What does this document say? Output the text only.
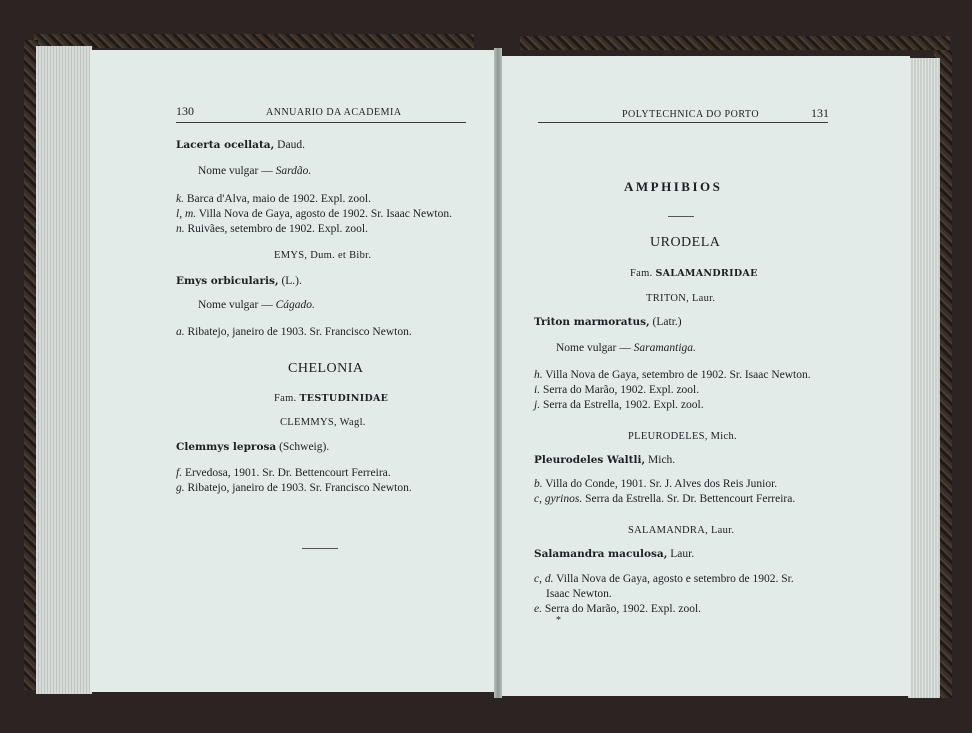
130	ANNUARIO DA ACADEMIA
Lacerta ocellata, Daud.
Nome vulgar — Sardão.
k. Barca d'Alva, maio de 1902. Expl. zool.
l, m. Villa Nova de Gaya, agosto de 1902. Sr. Isaac Newton.
n. Ruivães, setembro de 1902. Expl. zool.
EMYS, Dum. et Bibr.
Emys orbicularis, (L.).
Nome vulgar — Cágado.
a. Ribatejo, janeiro de 1903. Sr. Francisco Newton.
CHELONIA
Fam. TESTUDINIDAE
CLEMMYS, Wagl.
Clemmys leprosa (Schweig).
f. Ervedosa, 1901. Sr. Dr. Bettencourt Ferreira.
g. Ribatejo, janeiro de 1903. Sr. Francisco Newton.
POLYTECHNICA DO PORTO	131
AMPHIBIOS
URODELA
Fam. SALAMANDRIDAE
TRITON, Laur.
Triton marmoratus, (Latr.)
Nome vulgar — Saramantiga.
h. Villa Nova de Gaya, setembro de 1902. Sr. Isaac Newton.
i. Serra do Marão, 1902. Expl. zool.
j. Serra da Estrella, 1902. Expl. zool.
PLEURODELES, Mich.
Pleurodeles Waltli, Mich.
b. Villa do Conde, 1901. Sr. J. Alves dos Reis Junior.
c, gyrinos. Serra da Estrella. Sr. Dr. Bettencourt Ferreira.
SALAMANDRA, Laur.
Salamandra maculosa, Laur.
c, d. Villa Nova de Gaya, agosto e setembro de 1902. Sr.
Isaac Newton.
e. Serra do Marão, 1902. Expl. zool.
*
